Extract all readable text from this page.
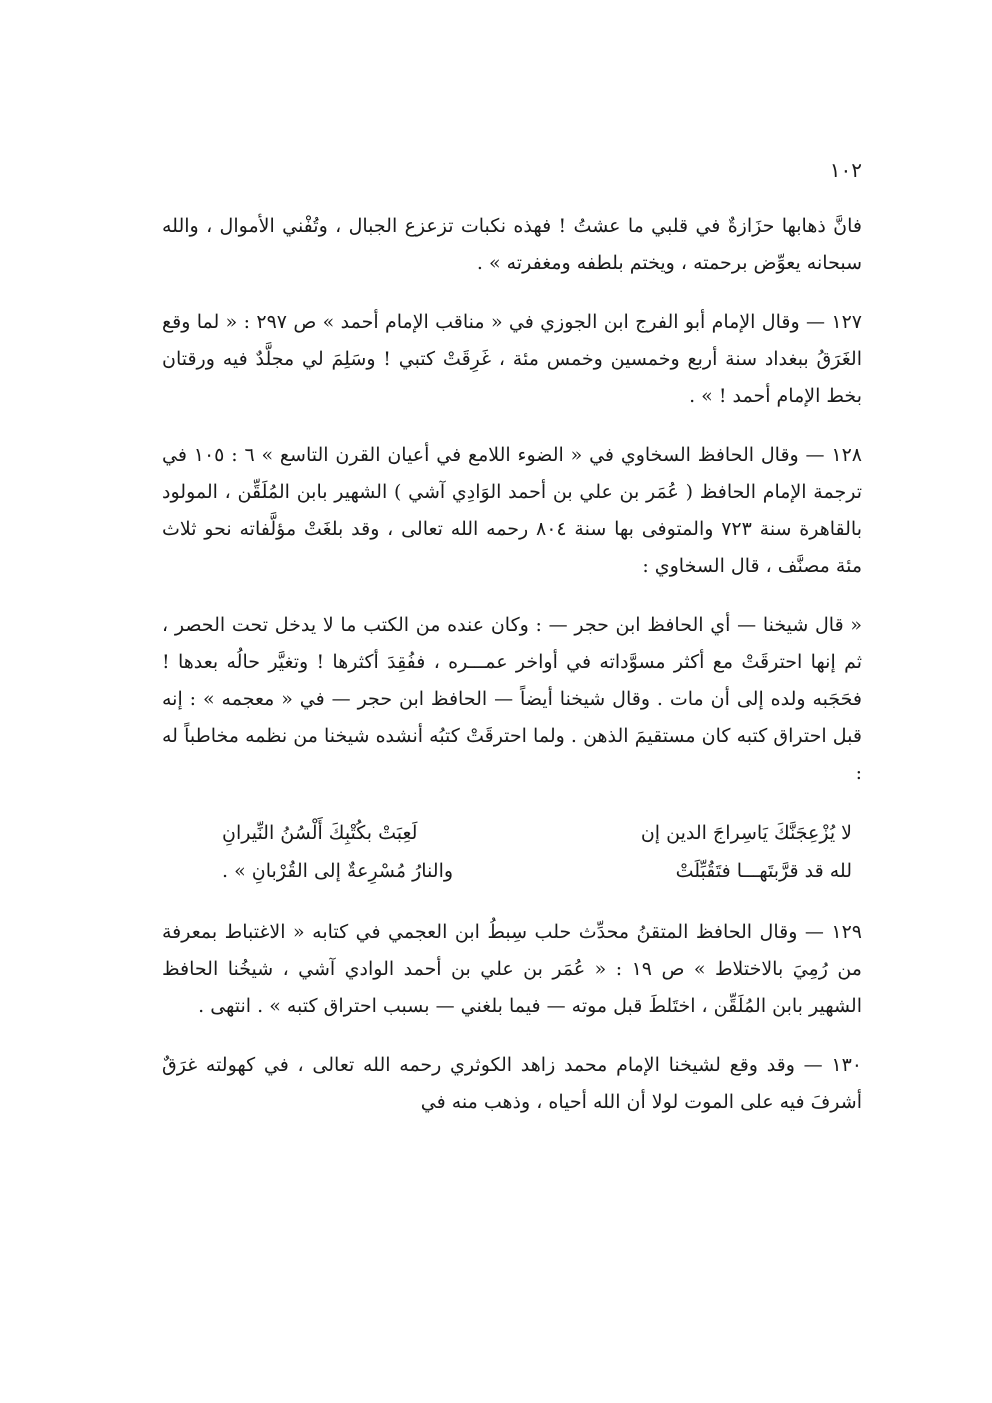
١٠٢

فانَّ ذهابها حزَازةٌ في قلبي ما عشتُ ! فهذه نكبات تزعزع الجبال ، وتُفْني الأموال ، والله سبحانه يعوِّض برحمته ، ويختم بلطفه ومغفرته » .

١٢٧ — وقال الإمام أبو الفرج ابن الجوزي في « مناقب الإمام أحمد » ص ٢٩٧ : « لما وقع الغَرَقُ ببغداد سنة أربع وخمسين وخمس مئة ، غَرِقَتْ كتبي ! وسَلِمَ لي مجلَّدٌ فيه ورقتان بخط الإمام أحمد ! » .

١٢٨ — وقال الحافظ السخاوي في « الضوء اللامع في أعيان القرن التاسع » ٦ : ١٠٥ في ترجمة الإمام الحافظ ( عُمَر بن علي بن أحمد الوَادِي آشي ) الشهير بابن المُلَقِّن ، المولود بالقاهرة سنة ٧٢٣ والمتوفى بها سنة ٨٠٤ رحمه الله تعالى ، وقد بلغَتْ مؤلَّفاته نحو ثلاث مئة مصنَّف ، قال السخاوي :

« قال شيخنا — أي الحافظ ابن حجر — : وكان عنده من الكتب ما لا يدخل تحت الحصر ، ثم إنها احترقَتْ مع أكثر مسوَّداته في أواخر عمـــره ، ففُقِدَ أكثرها ! وتغيَّر حالُه بعدها ! فحَجَبه ولده إلى أن مات . وقال شيخنا أيضاً — الحافظ ابن حجر — في « معجمه » : إنه قبل احتراق كتبه كان مستقيمَ الذهن . ولما احترقَتْ كتبُه أنشده شيخنا من نظمه مخاطباً له :

لا يُزْعِجَنَّكَ يَاسِراجَ الدين إن
لَعِبَتْ بكُتْبِكَ أَلْسُنُ النِّيرانِ
لله قد قرَّبتَهـــا فتَقُبِّلَتْ
والنارُ مُسْرِعةٌ إلى القُرْبانِ » .

١٢٩ — وقال الحافظ المتقنُ محدِّث حلب سِبطُ ابن العجمي في كتابه « الاغتباط بمعرفة من رُمِيَ بالاختلاط » ص ١٩ : « عُمَر بن علي بن أحمد الوادي آشي ، شيخُنا الحافظ الشهير بابن المُلَقِّن ، اختَلطَ قبل موته — فيما بلغني — بسبب احتراق كتبه » . انتهى .

١٣٠ — وقد وقع لشيخنا الإمام محمد زاهد الكوثري رحمه الله تعالى ، في كهولته غرَقٌ أشرفَ فيه على الموت لولا أن الله أحياه ، وذهب منه في
